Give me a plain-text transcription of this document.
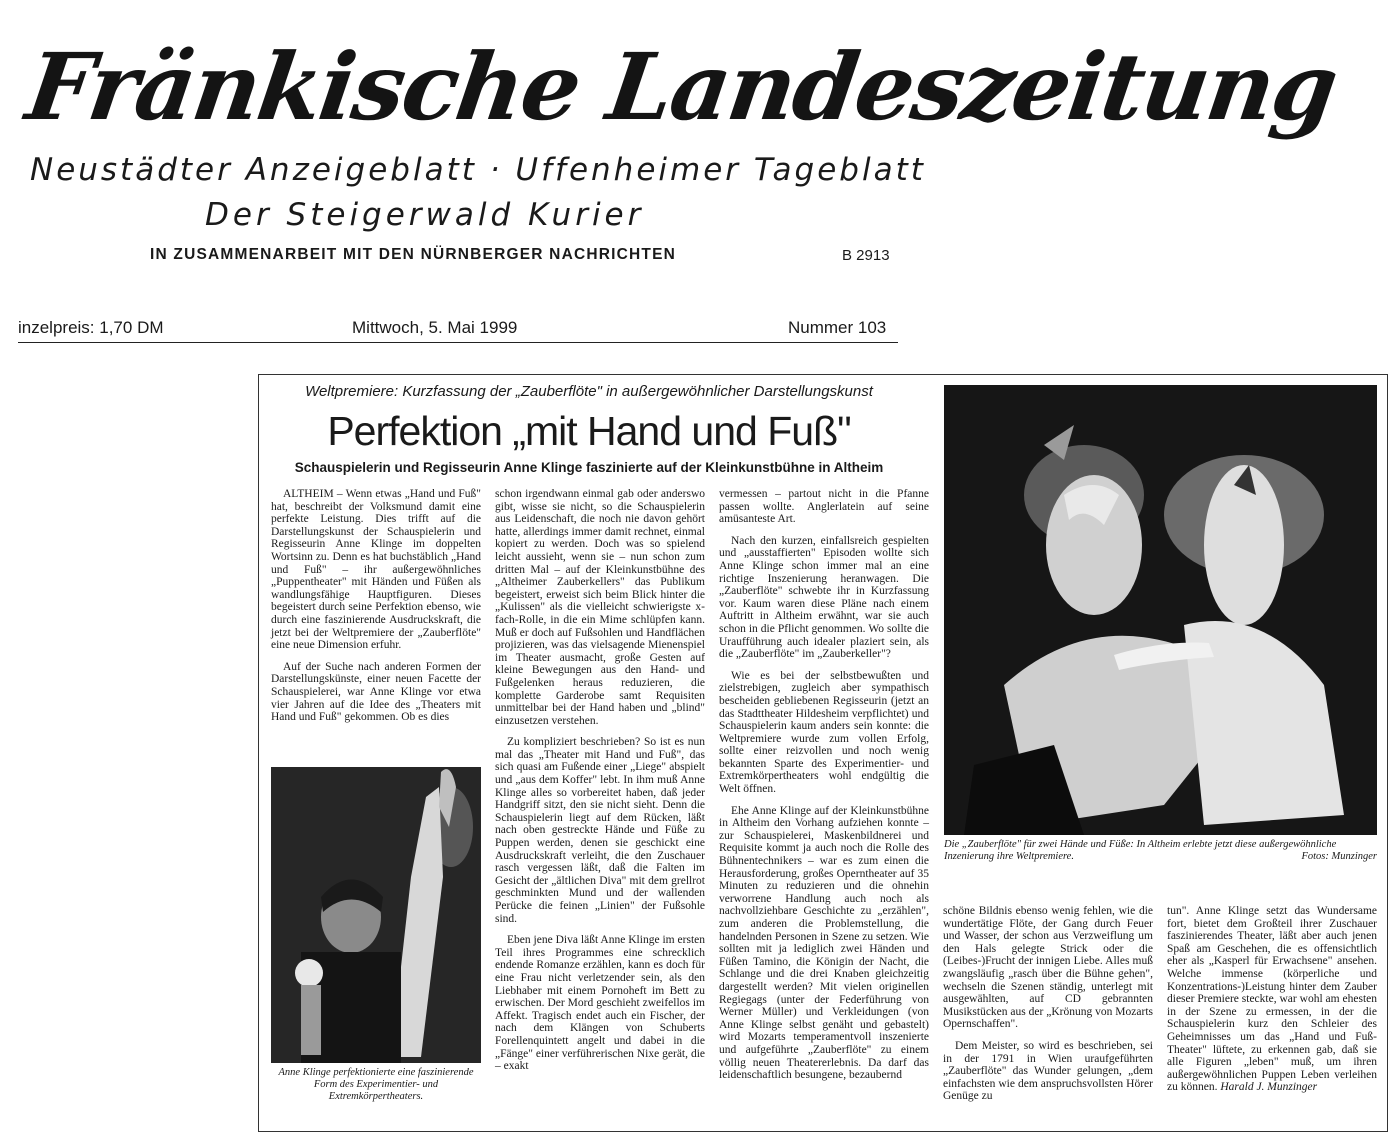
Fränkische Landeszeitung
Neustädter Anzeigeblatt · Uffenheimer Tageblatt
Der Steigerwald Kurier
IN ZUSAMMENARBEIT MIT DEN NÜRNBERGER NACHRICHTEN	B 2913
inzelpreis: 1,70 DM	Mittwoch, 5. Mai 1999	Nummer 103
Weltpremiere: Kurzfassung der „Zauberflöte" in außergewöhnlicher Darstellungskunst
Perfektion „mit Hand und Fuß"
Schauspielerin und Regisseurin Anne Klinge faszinierte auf der Kleinkunstbühne in Altheim

ALTHEIM – Wenn etwas „Hand und Fuß" hat, beschreibt der Volksmund damit eine perfekte Leistung. Dies trifft auf die Darstellungskunst der Schauspielerin und Regisseurin Anne Klinge im doppelten Wortsinn zu. Denn es hat buchstäblich „Hand und Fuß" – ihr außergewöhnliches „Puppentheater" mit Händen und Füßen als wandlungsfähige Hauptfiguren. Dieses begeistert durch seine Perfektion ebenso, wie durch eine faszinierende Ausdruckskraft, die jetzt bei der Weltpremiere der „Zauberflöte" eine neue Dimension erfuhr.

Auf der Suche nach anderen Formen der Darstellungskünste, einer neuen Facette der Schauspielerei, war Anne Klinge vor etwa vier Jahren auf die Idee des „Theaters mit Hand und Fuß" gekommen. Ob es dies

Anne Klinge perfektionierte eine faszinierende Form des Experimentier- und Extremkörpertheaters.

schon irgendwann einmal gab oder anderswo gibt, wisse sie nicht, so die Schauspielerin aus Leidenschaft, die noch nie davon gehört hatte, allerdings immer damit rechnet, einmal kopiert zu werden. Doch was so spielend leicht aussieht, wenn sie – nun schon zum dritten Mal – auf der Kleinkunstbühne des „Altheimer Zauberkellers" das Publikum begeistert, erweist sich beim Blick hinter die „Kulissen" als die vielleicht schwierigste x-fach-Rolle, in die ein Mime schlüpfen kann. Muß er doch auf Fußsohlen und Handflächen projizieren, was das vielsagende Mienenspiel im Theater ausmacht, große Gesten auf kleine Bewegungen aus den Hand- und Fußgelenken heraus reduzieren, die komplette Garderobe samt Requisiten unmittelbar bei der Hand haben und „blind" einzusetzen verstehen.

Zu kompliziert beschrieben? So ist es nun mal das „Theater mit Hand und Fuß", das sich quasi am Fußende einer „Liege" abspielt und „aus dem Koffer" lebt. In ihm muß Anne Klinge alles so vorbereitet haben, daß jeder Handgriff sitzt, den sie nicht sieht. Denn die Schauspielerin liegt auf dem Rücken, läßt nach oben gestreckte Hände und Füße zu Puppen werden, denen sie geschickt eine Ausdruckskraft verleiht, die den Zuschauer rasch vergessen läßt, daß die Falten im Gesicht der „ältlichen Diva" mit dem grellrot geschminkten Mund und der wallenden Perücke die feinen „Linien" der Fußsohle sind.

Eben jene Diva läßt Anne Klinge im ersten Teil ihres Programmes eine schrecklich endende Romanze erzählen, kann es doch für eine Frau nicht verletzender sein, als den Liebhaber mit einem Pornoheft im Bett zu erwischen. Der Mord geschieht zweifellos im Affekt. Tragisch endet auch ein Fischer, der nach dem Klängen von Schuberts Forellenquintett angelt und dabei in die „Fänge" einer verführerischen Nixe gerät, die – exakt

vermessen – partout nicht in die Pfanne passen wollte. Anglerlatein auf seine amüsanteste Art.

Nach den kurzen, einfallsreich gespielten und „ausstaffierten" Episoden wollte sich Anne Klinge schon immer mal an eine richtige Inszenierung heranwagen. Die „Zauberflöte" schwebte ihr in Kurzfassung vor. Kaum waren diese Pläne nach einem Auftritt in Altheim erwähnt, war sie auch schon in die Pflicht genommen. Wo sollte die Uraufführung auch idealer plaziert sein, als die „Zauberflöte" im „Zauberkeller"?

Wie es bei der selbstbewußten und zielstrebigen, zugleich aber sympathisch bescheiden gebliebenen Regisseurin (jetzt an das Stadttheater Hildesheim verpflichtet) und Schauspielerin kaum anders sein konnte: die Weltpremiere wurde zum vollen Erfolg, sollte einer reizvollen und noch wenig bekannten Sparte des Experimentier- und Extremkörpertheaters wohl endgültig die Welt öffnen.

Ehe Anne Klinge auf der Kleinkunstbühne in Altheim den Vorhang aufziehen konnte – zur Schauspielerei, Maskenbildnerei und Requisite kommt ja auch noch die Rolle des Bühnentechnikers – war es zum einen die Herausforderung, großes Operntheater auf 35 Minuten zu reduzieren und die ohnehin verworrene Handlung auch noch als nachvollziehbare Geschichte zu „erzählen", zum anderen die Problemstellung, die handelnden Personen in Szene zu setzen. Wie sollten mit ja lediglich zwei Händen und Füßen Tamino, die Königin der Nacht, die Schlange und die drei Knaben gleichzeitig dargestellt werden? Mit vielen originellen Regiegags (unter der Federführung von Werner Müller) und Verkleidungen (von Anne Klinge selbst genäht und gebastelt) wird Mozarts temperamentvoll inszenierte und aufgeführte „Zauberflöte" zu einem völlig neuen Theatererlebnis. Da darf das leidenschaftlich besungene, bezaubernd

Die „Zauberflöte" für zwei Hände und Füße: In Altheim erlebte jetzt diese außergewöhnliche Inzenierung ihre Weltpremiere.	Fotos: Munzinger

schöne Bildnis ebenso wenig fehlen, wie die wundertätige Flöte, der Gang durch Feuer und Wasser, der schon aus Verzweiflung um den Hals gelegte Strick oder die (Leibes-)Frucht der innigen Liebe. Alles muß zwangsläufig „rasch über die Bühne gehen", wechseln die Szenen ständig, unterlegt mit ausgewählten, auf CD gebrannten Musikstücken aus der „Krönung von Mozarts Opernschaffen".

Dem Meister, so wird es beschrieben, sei in der 1791 in Wien uraufgeführten „Zauberflöte" das Wunder gelungen, „dem einfachsten wie dem anspruchsvollsten Hörer Genüge zu

tun". Anne Klinge setzt das Wundersame fort, bietet dem Großteil ihrer Zuschauer faszinierendes Theater, läßt aber auch jenen Spaß am Geschehen, die es offensichtlich eher als „Kasperl für Erwachsene" ansehen. Welche immense (körperliche und Konzentrations-)Leistung hinter dem Zauber dieser Premiere steckte, war wohl am ehesten in der Szene zu ermessen, in der die Schauspielerin kurz den Schleier des Geheimnisses um das „Hand und Fuß-Theater" lüftete, zu erkennen gab, daß sie alle Figuren „leben" muß, um ihren außergewöhnlichen Puppen Leben verleihen zu können. Harald J. Munzinger
